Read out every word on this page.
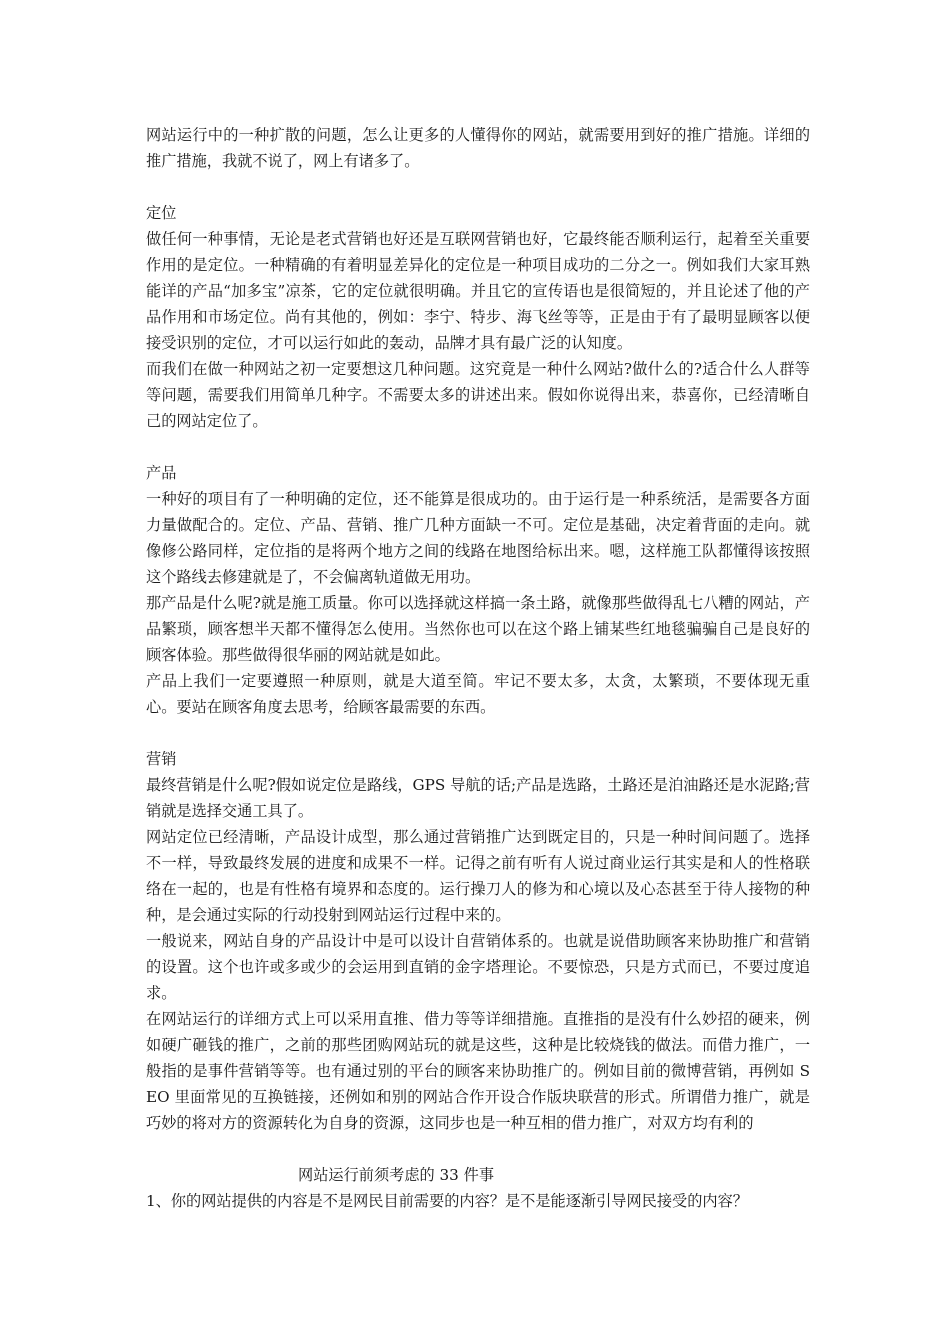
网站运行中的一种扩散的问题，怎么让更多的人懂得你的网站，就需要用到好的推广措施。详细的推广措施，我就不说了，网上有诸多了。

定位

做任何一种事情，无论是老式营销也好还是互联网营销也好，它最终能否顺利运行，起着至关重要作用的是定位。一种精确的有着明显差异化的定位是一种项目成功的二分之一。例如我们大家耳熟能详的产品“加多宝”凉茶，它的定位就很明确。并且它的宣传语也是很简短的，并且论述了他的产品作用和市场定位。尚有其他的，例如：李宁、特步、海飞丝等等，正是由于有了最明显顾客以便接受识别的定位，才可以运行如此的轰动，品牌才具有最广泛的认知度。

而我们在做一种网站之初一定要想这几种问题。这究竟是一种什么网站?做什么的?适合什么人群等等问题，需要我们用简单几种字。不需要太多的讲述出来。假如你说得出来，恭喜你，已经清晰自己的网站定位了。

产品

一种好的项目有了一种明确的定位，还不能算是很成功的。由于运行是一种系统活，是需要各方面力量做配合的。定位、产品、营销、推广几种方面缺一不可。定位是基础，决定着背面的走向。就像修公路同样，定位指的是将两个地方之间的线路在地图给标出来。嗯，这样施工队都懂得该按照这个路线去修建就是了，不会偏离轨道做无用功。

那产品是什么呢?就是施工质量。你可以选择就这样搞一条土路，就像那些做得乱七八糟的网站，产品繁琐，顾客想半天都不懂得怎么使用。当然你也可以在这个路上铺某些红地毯骗骗自己是良好的顾客体验。那些做得很华丽的网站就是如此。

产品上我们一定要遵照一种原则，就是大道至简。牢记不要太多，太贪，太繁琐，不要体现无重心。要站在顾客角度去思考，给顾客最需要的东西。

营销

最终营销是什么呢?假如说定位是路线，GPS 导航的话;产品是选路，土路还是泊油路还是水泥路;营销就是选择交通工具了。

网站定位已经清晰，产品设计成型，那么通过营销推广达到既定目的，只是一种时间问题了。选择不一样，导致最终发展的进度和成果不一样。记得之前有听有人说过商业运行其实是和人的性格联络在一起的，也是有性格有境界和态度的。运行操刀人的修为和心境以及心态甚至于待人接物的种种，是会通过实际的行动投射到网站运行过程中来的。

一般说来，网站自身的产品设计中是可以设计自营销体系的。也就是说借助顾客来协助推广和营销的设置。这个也许或多或少的会运用到直销的金字塔理论。不要惊恐，只是方式而已，不要过度追求。

在网站运行的详细方式上可以采用直推、借力等等详细措施。直推指的是没有什么妙招的硬来，例如硬广砸钱的推广，之前的那些团购网站玩的就是这些，这种是比较烧钱的做法。而借力推广，一般指的是事件营销等等。也有通过别的平台的顾客来协助推广的。例如目前的微博营销，再例如 SEO 里面常见的互换链接，还例如和别的网站合作开设合作版块联营的形式。所谓借力推广，就是巧妙的将对方的资源转化为自身的资源，这同步也是一种互相的借力推广，对双方均有利的

网站运行前须考虑的 33 件事

1、你的网站提供的内容是不是网民目前需要的内容？是不是能逐渐引导网民接受的内容？
